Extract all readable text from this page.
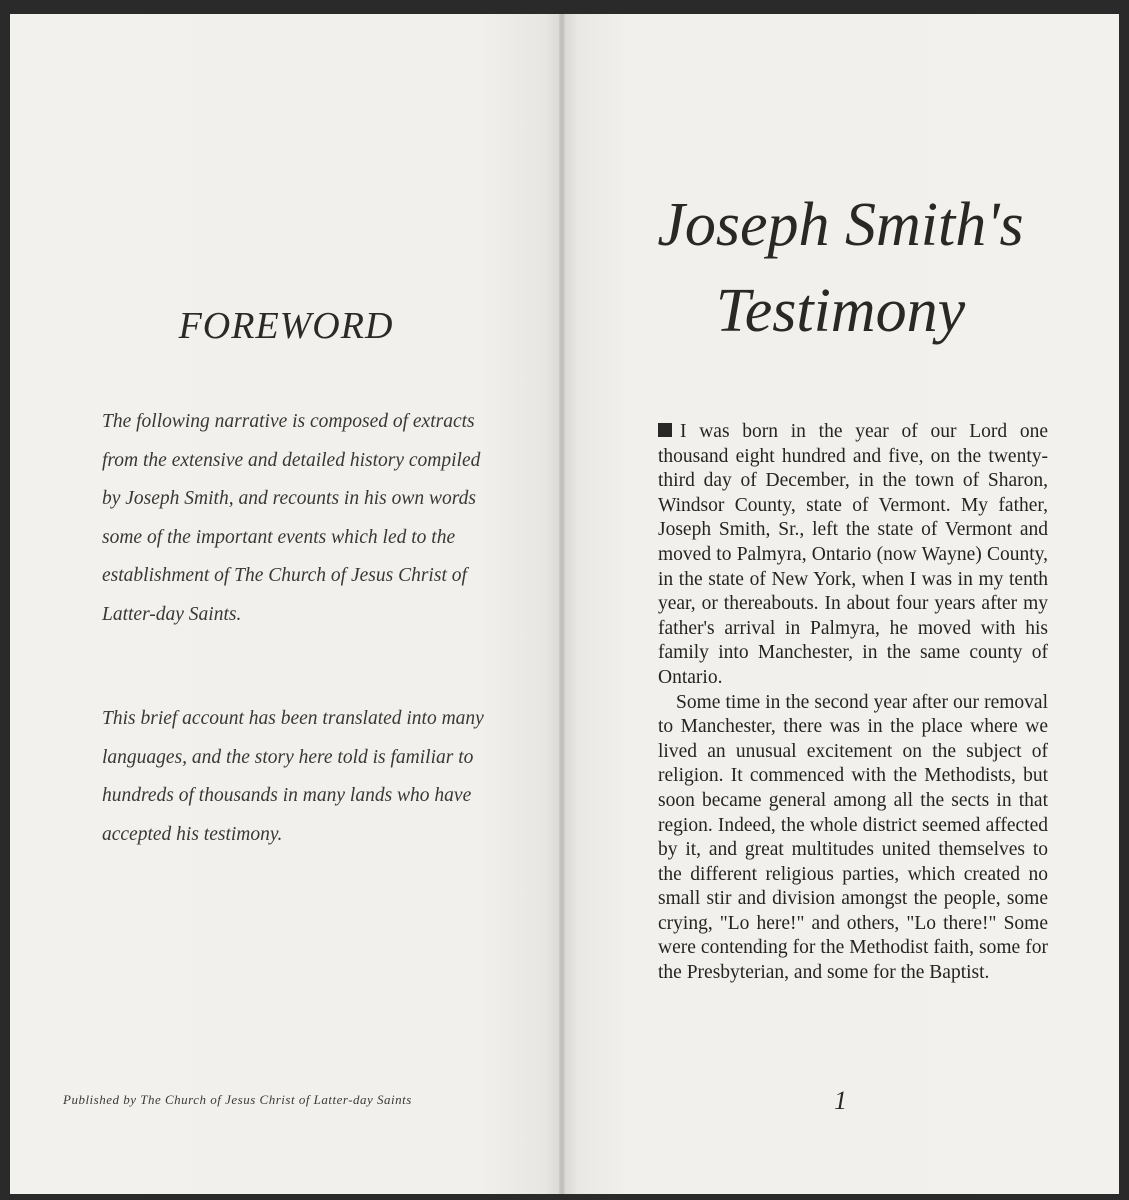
FOREWORD
The following narrative is composed of extracts from the extensive and detailed history compiled by Joseph Smith, and recounts in his own words some of the important events which led to the establishment of The Church of Jesus Christ of Latter-day Saints.
This brief account has been translated into many languages, and the story here told is familiar to hundreds of thousands in many lands who have accepted his testimony.
Published by The Church of Jesus Christ of Latter-day Saints
Joseph Smith's
Testimony

I was born in the year of our Lord one thousand eight hundred and five, on the twenty-third day of December, in the town of Sharon, Windsor County, state of Vermont. My father, Joseph Smith, Sr., left the state of Vermont and moved to Palmyra, Ontario (now Wayne) County, in the state of New York, when I was in my tenth year, or thereabouts. In about four years after my father's arrival in Palmyra, he moved with his family into Manchester, in the same county of Ontario.

Some time in the second year after our removal to Manchester, there was in the place where we lived an unusual excitement on the subject of religion. It commenced with the Methodists, but soon became general among all the sects in that region. Indeed, the whole district seemed affected by it, and great multitudes united themselves to the different religious parties, which created no small stir and division amongst the people, some crying, "Lo here!" and others, "Lo there!" Some were contending for the Methodist faith, some for the Presbyterian, and some for the Baptist.

1
